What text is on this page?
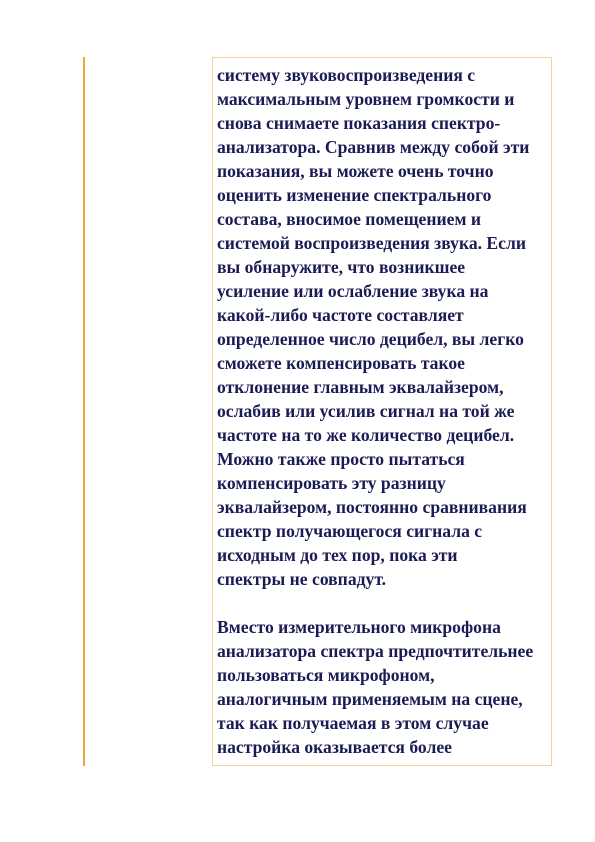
систему звуковоспроизведения с
максимальным уровнем громкости и
снова снимаете показания спектро-
анализатора. Сравнив между собой эти
показания, вы можете очень точно
оценить изменение спектрального
состава, вносимое помещением и
системой воспроизведения звука. Если
вы обнаружите, что возникшее
усиление или ослабление звука на
какой-либо частоте составляет
определенное число децибел, вы легко
сможете компенсировать такое
отклонение главным эквалайзером,
ослабив или усилив сигнал на той же
частоте на то же количество децибел.
Можно также просто пытаться
компенсировать эту разницу
эквалайзером, постоянно сравнивания
спектр получающегося сигнала с
исходным до тех пор, пока эти
спектры не совпадут.

Вместо измерительного микрофона
анализатора спектра предпочтительнее
пользоваться микрофоном,
аналогичным применяемым на сцене,
так как получаемая в этом случае
настройка оказывается более
